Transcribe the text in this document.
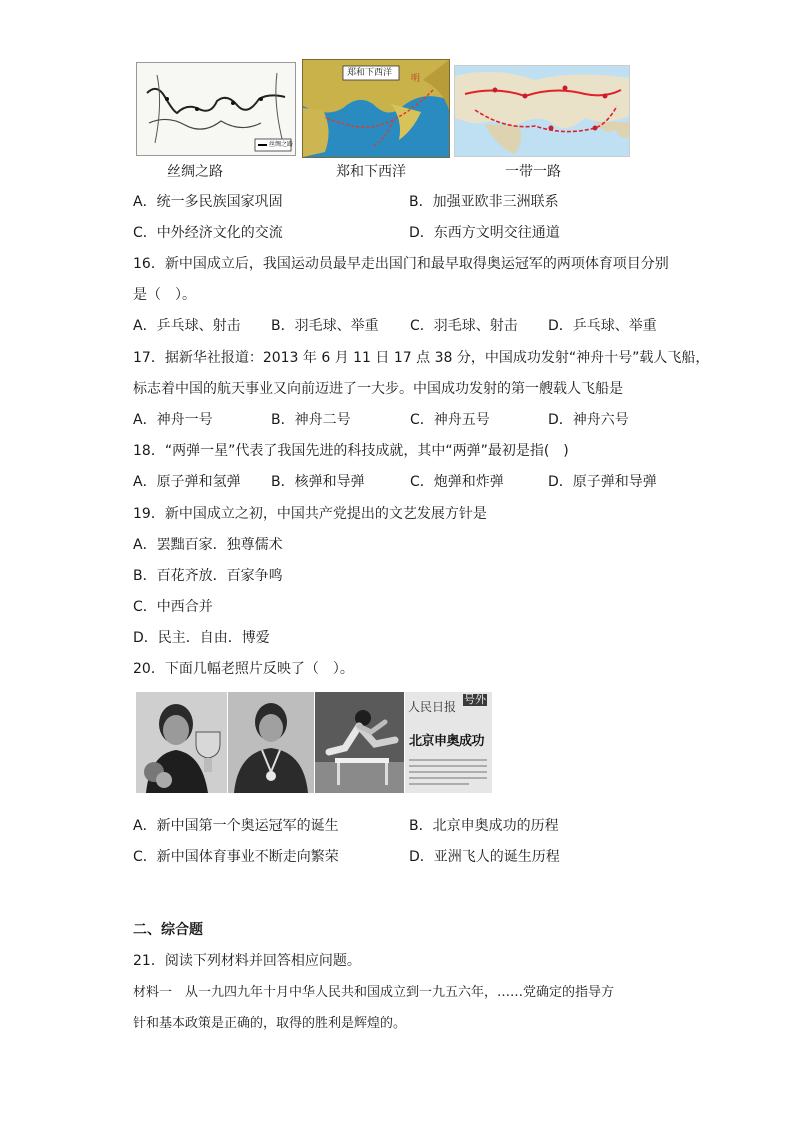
丝绸之路
郑和下西洋
明
丝绸之路	郑和下西洋	一带一路
A．统一多民族国家巩固	B．加强亚欧非三洲联系
C．中外经济文化的交流	D．东西方文明交往通道
16．新中国成立后，我国运动员最早走出国门和最早取得奥运冠军的两项体育项目分别
是（　）。
A．乒乓球、射击 B．羽毛球、举重 C．羽毛球、射击 D．乒乓球、举重
17．据新华社报道：2013 年 6 月 11 日 17 点 38 分，中国成功发射“神舟十号”载人飞船，
标志着中国的航天事业又向前迈进了一大步。中国成功发射的第一艘载人飞船是
A．神舟一号	B．神舟二号	C．神舟五号	D．神舟六号
18．“两弹一星”代表了我国先进的科技成就，其中“两弹”最初是指(　)
A．原子弹和氢弹 B．核弹和导弹	C．炮弹和炸弹	D．原子弹和导弹
19．新中国成立之初，中国共产党提出的文艺发展方针是
A．罢黜百家．独尊儒术
B．百花齐放．百家争鸣
C．中西合并
D．民主．自由．博爱
20．下面几幅老照片反映了（　）。
人民日报
号外
北京申奥成功
A．新中国第一个奥运冠军的诞生	B．北京申奥成功的历程
C．新中国体育事业不断走向繁荣	D．亚洲飞人的诞生历程
二、综合题
21．阅读下列材料并回答相应问题。
材料一　从一九四九年十月中华人民共和国成立到一九五六年，……党确定的指导方
针和基本政策是正确的，取得的胜利是辉煌的。
